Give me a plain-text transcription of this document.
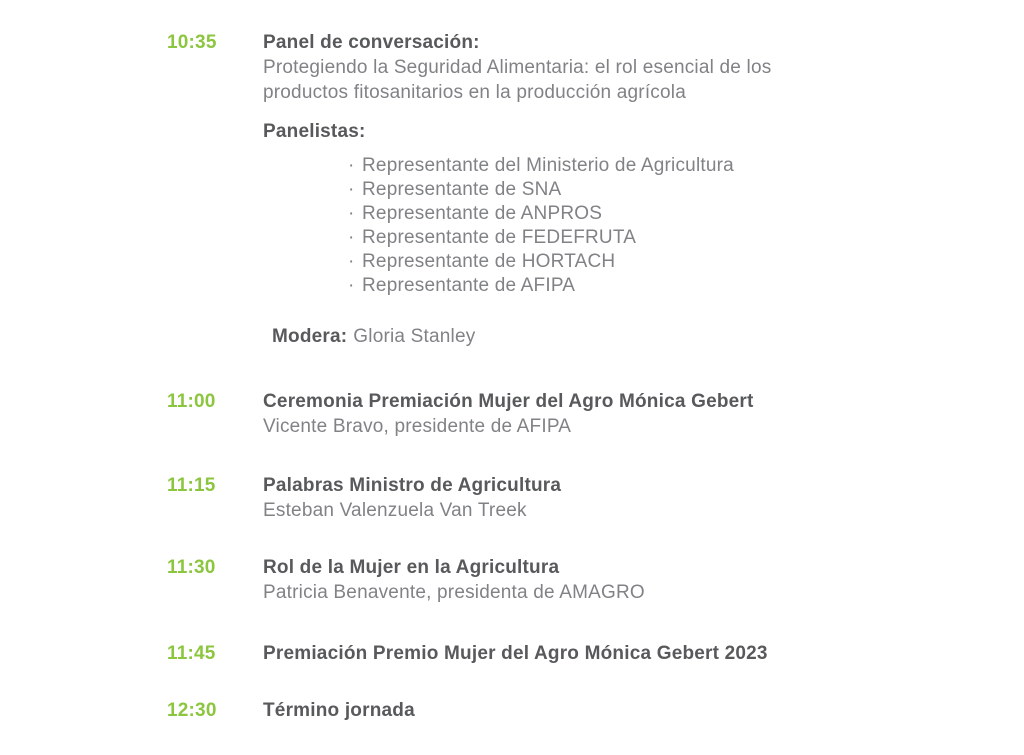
10:35	Panel de conversación:

Protegiendo la Seguridad Alimentaria: el rol esencial de los
productos fitosanitarios en la producción agrícola

Panelistas:
· Representante del Ministerio de Agricultura
· Representante de SNA
· Representante de ANPROS
· Representante de FEDEFRUTA
· Representante de HORTACH
· Representante de AFIPA

Modera: Gloria Stanley

11:00	Ceremonia Premiación Mujer del Agro Mónica Gebert

Vicente Bravo, presidente de AFIPA

11:15	Palabras Ministro de Agricultura

Esteban Valenzuela Van Treek

11:30	Rol de la Mujer en la Agricultura

Patricia Benavente, presidenta de AMAGRO

11:45	Premiación Premio Mujer del Agro Mónica Gebert 2023
12:30	Término jornada
